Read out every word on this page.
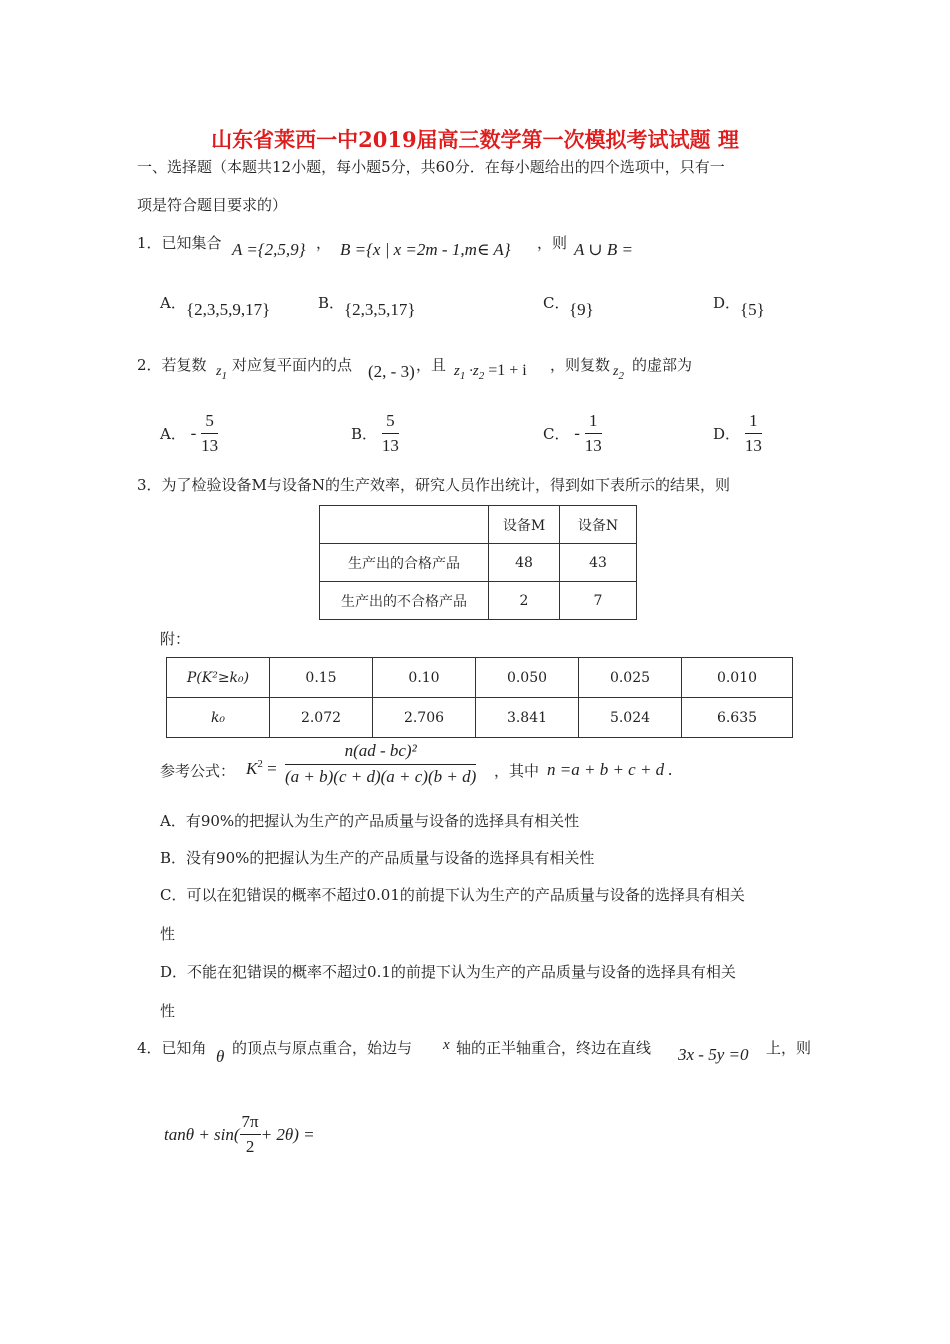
山东省莱西一中2019届高三数学第一次模拟考试试题 理
一、选择题（本题共12小题，每小题5分，共60分．在每小题给出的四个选项中，只有一
项是符合题目要求的）
1．已知集合 A ={2,5,9} ， B ={x | x =2m - 1,m∈ A} ，则 A ∪ B =
A． {2,3,5,9,17}	B． {2,3,5,17}	C． {9}	D． {5}
2．若复数 $z_1$
对应复平面内的点 (2, - 3) ，且 $z_1 \cdot z_2 =1 + i$ ，则复数 $z_2$
的虚部为
A． - $\frac{5}{13}$	B． $\frac{5}{13}$	C． - $\frac{1}{13}$	D． $\frac{1}{13}$
3．为了检验设备M与设备N的生产效率，研究人员作出统计，得到如下表所示的结果，则
	设备M	设备N
生产出的合格产品	48	43
生产出的不合格产品	2	7
附：
P(K²≥k₀)	0.15	0.10	0.050	0.025	0.010
k₀	2.072	2.706	3.841	5.024	6.635
参考公式： $K^2 = \frac{\text{n(ad - bc)²}}{(a + b)(c + d)(a + c)(b + d)}$ ，其中 n =a + b + c + d .
A．有90%的把握认为生产的产品质量与设备的选择具有相关性
B．没有90%的把握认为生产的产品质量与设备的选择具有相关性
C．可以在犯错误的概率不超过0.01的前提下认为生产的产品质量与设备的选择具有相关
性
D．不能在犯错误的概率不超过0.1的前提下认为生产的产品质量与设备的选择具有相关
性
4．已知角 θ 的顶点与原点重合，始边与 x 轴的正半轴重合，终边在直线 3x - 5y =0 上，则
$\tan\theta + \sin( \frac{7\pi}{2} + 2\theta)$ =
